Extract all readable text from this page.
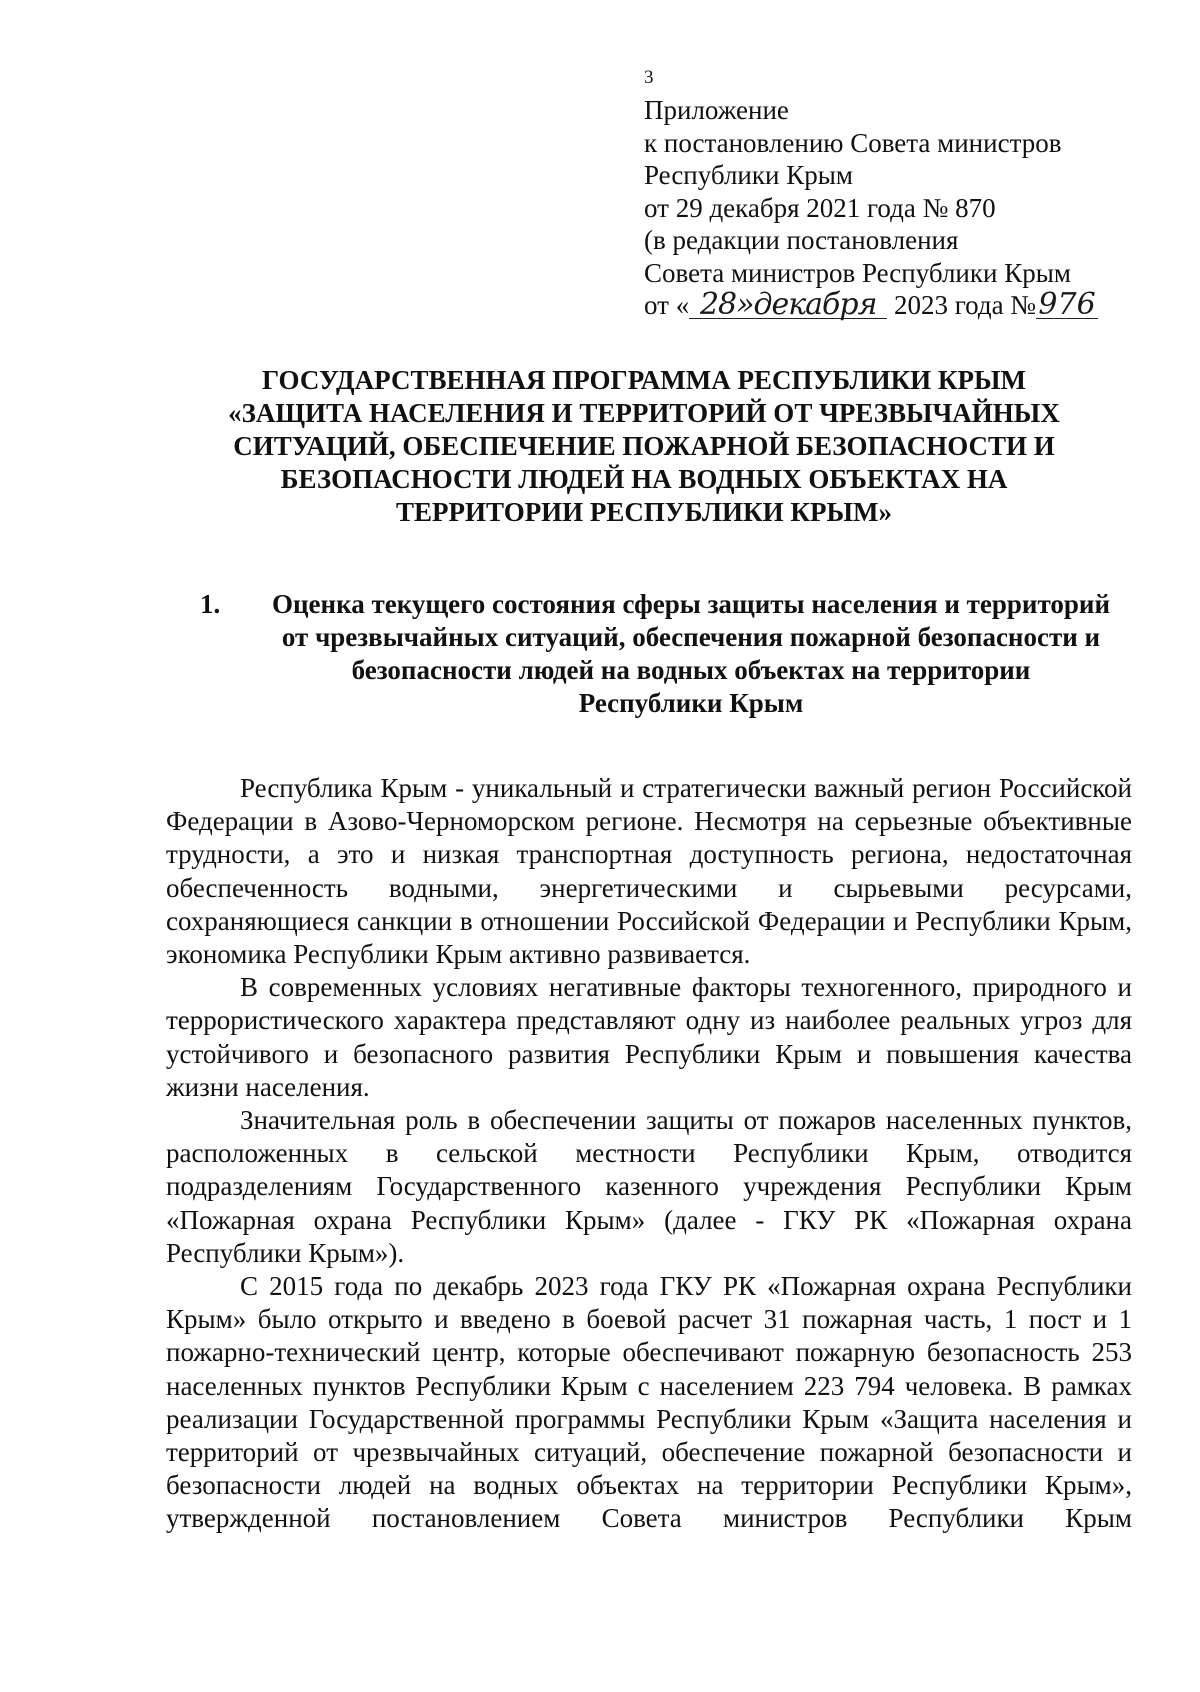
3
Приложение
к постановлению Совета министров
Республики Крым
от 29 декабря 2021 года № 870
(в редакции постановления
Совета министров Республики Крым
от « 28»декабря 2023 года №976
ГОСУДАРСТВЕННАЯ ПРОГРАММА РЕСПУБЛИКИ КРЫМ
«ЗАЩИТА НАСЕЛЕНИЯ И ТЕРРИТОРИЙ ОТ ЧРЕЗВЫЧАЙНЫХ
СИТУАЦИЙ, ОБЕСПЕЧЕНИЕ ПОЖАРНОЙ БЕЗОПАСНОСТИ И
БЕЗОПАСНОСТИ ЛЮДЕЙ НА ВОДНЫХ ОБЪЕКТАХ НА
ТЕРРИТОРИИ РЕСПУБЛИКИ КРЫМ»
1.	Оценка текущего состояния сферы защиты населения и территорий
от чрезвычайных ситуаций, обеспечения пожарной безопасности и
безопасности людей на водных объектах на территории
Республики Крым

Республика Крым - уникальный и стратегически важный регион Российской Федерации в Азово-Черноморском регионе. Несмотря на серьезные объективные трудности, а это и низкая транспортная доступность региона, недостаточная обеспеченность водными, энергетическими и сырьевыми ресурсами, сохраняющиеся санкции в отношении Российской Федерации и Республики Крым, экономика Республики Крым активно развивается.

В современных условиях негативные факторы техногенного, природного и террористического характера представляют одну из наиболее реальных угроз для устойчивого и безопасного развития Республики Крым и повышения качества жизни населения.

Значительная роль в обеспечении защиты от пожаров населенных пунктов, расположенных в сельской местности Республики Крым, отводится подразделениям Государственного казенного учреждения Республики Крым «Пожарная охрана Республики Крым» (далее - ГКУ РК «Пожарная охрана Республики Крым»).

С 2015 года по декабрь 2023 года ГКУ РК «Пожарная охрана Республики Крым» было открыто и введено в боевой расчет 31 пожарная часть, 1 пост и 1 пожарно-технический центр, которые обеспечивают пожарную безопасность 253 населенных пунктов Республики Крым с населением 223 794 человека. В рамках реализации Государственной программы Республики Крым «Защита населения и территорий от чрезвычайных ситуаций, обеспечение пожарной безопасности и безопасности людей на водных объектах на территории Республики Крым», утвержденной постановлением Совета министров Республики Крым
